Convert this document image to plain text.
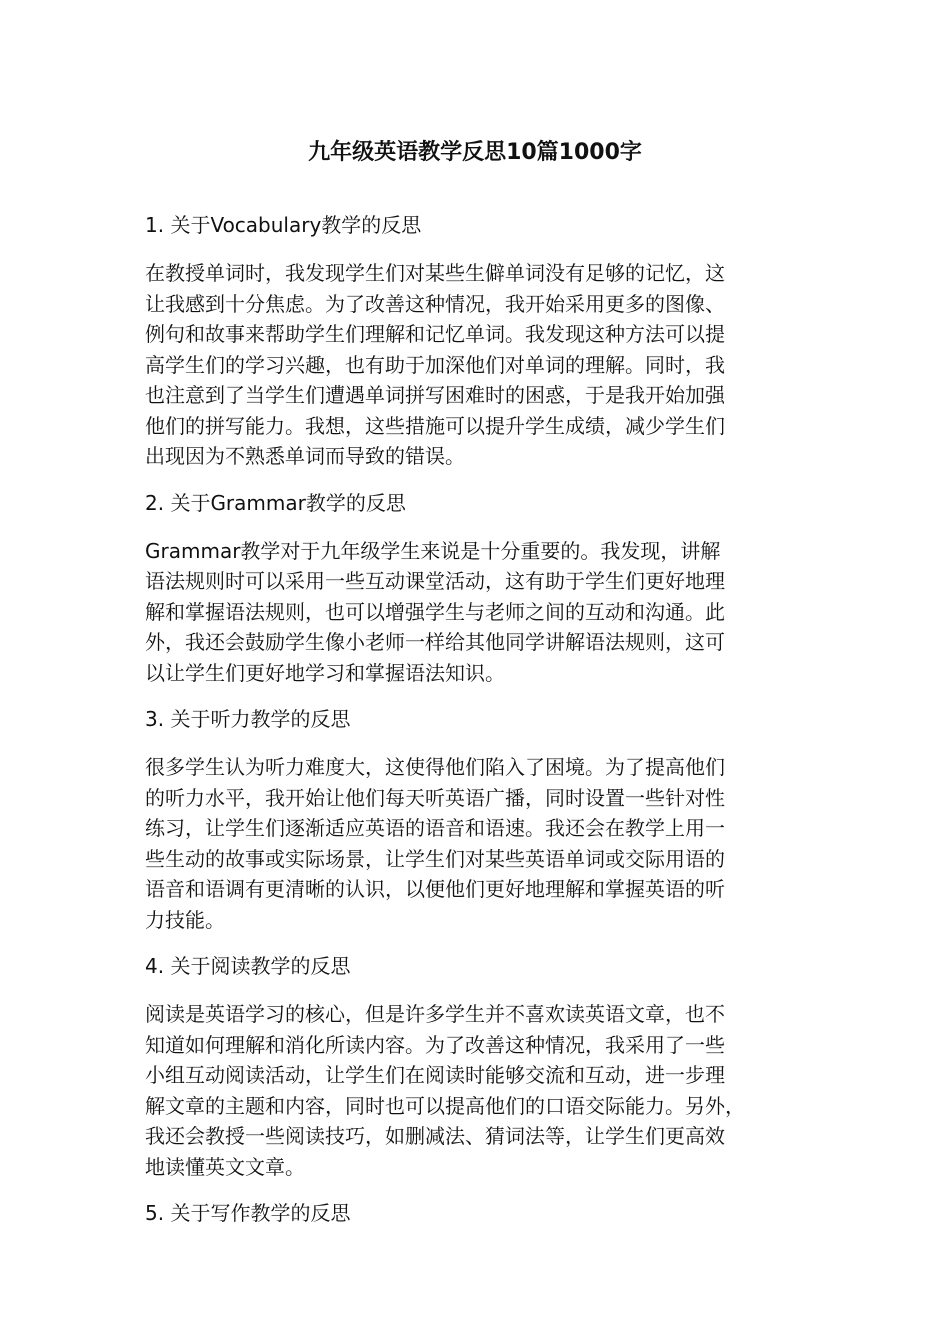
九年级英语教学反思10篇1000字
1. 关于Vocabulary教学的反思
在教授单词时，我发现学生们对某些生僻单词没有足够的记忆，这
让我感到十分焦虑。为了改善这种情况，我开始采用更多的图像、
例句和故事来帮助学生们理解和记忆单词。我发现这种方法可以提
高学生们的学习兴趣，也有助于加深他们对单词的理解。同时，我
也注意到了当学生们遭遇单词拼写困难时的困惑，于是我开始加强
他们的拼写能力。我想，这些措施可以提升学生成绩，减少学生们
出现因为不熟悉单词而导致的错误。
2. 关于Grammar教学的反思
Grammar教学对于九年级学生来说是十分重要的。我发现，讲解
语法规则时可以采用一些互动课堂活动，这有助于学生们更好地理
解和掌握语法规则，也可以增强学生与老师之间的互动和沟通。此
外，我还会鼓励学生像小老师一样给其他同学讲解语法规则，这可
以让学生们更好地学习和掌握语法知识。
3. 关于听力教学的反思
很多学生认为听力难度大，这使得他们陷入了困境。为了提高他们
的听力水平，我开始让他们每天听英语广播，同时设置一些针对性
练习，让学生们逐渐适应英语的语音和语速。我还会在教学上用一
些生动的故事或实际场景，让学生们对某些英语单词或交际用语的
语音和语调有更清晰的认识，以便他们更好地理解和掌握英语的听
力技能。
4. 关于阅读教学的反思
阅读是英语学习的核心，但是许多学生并不喜欢读英语文章，也不
知道如何理解和消化所读内容。为了改善这种情况，我采用了一些
小组互动阅读活动，让学生们在阅读时能够交流和互动，进一步理
解文章的主题和内容，同时也可以提高他们的口语交际能力。另外，
我还会教授一些阅读技巧，如删减法、猜词法等，让学生们更高效
地读懂英文文章。
5. 关于写作教学的反思
